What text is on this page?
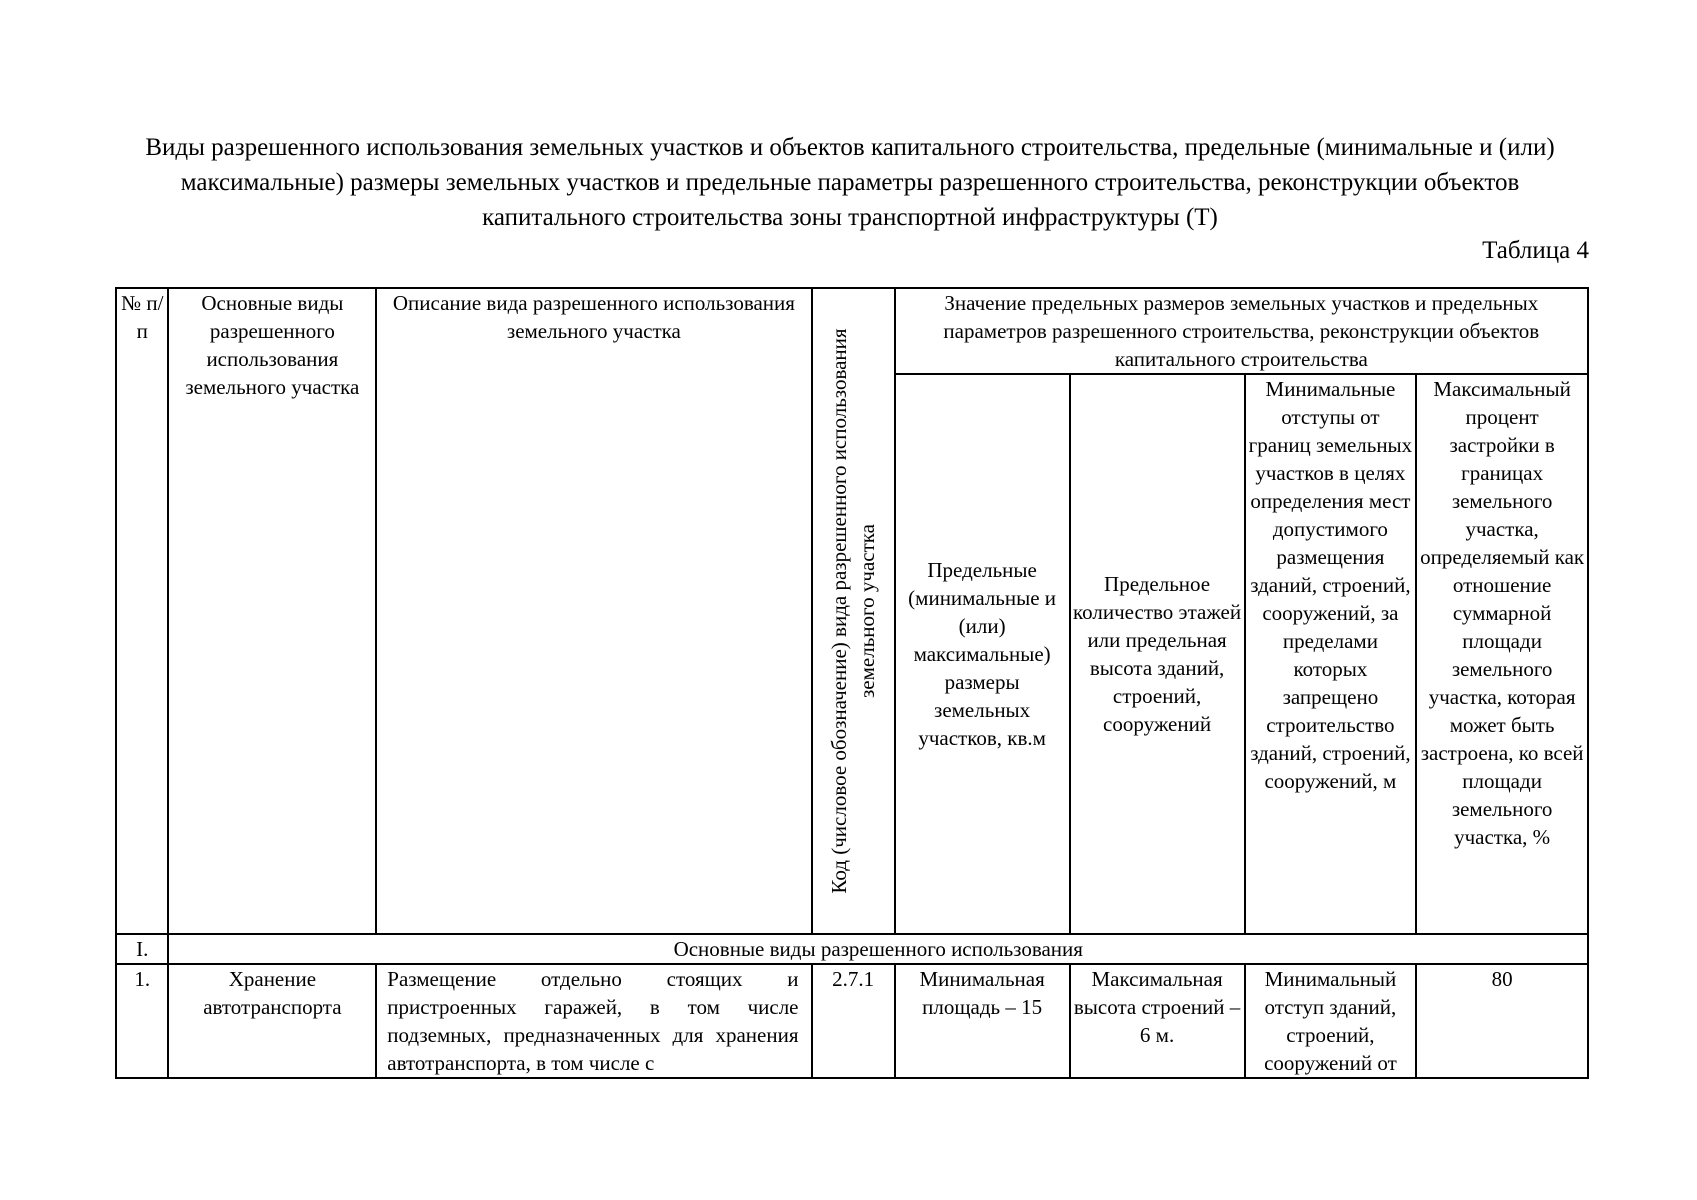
Виды разрешенного использования земельных участков и объектов капитального строительства, предельные (минимальные и (или) максимальные) размеры земельных участков и предельные параметры разрешенного строительства, реконструкции объектов капитального строительства зоны транспортной инфраструктуры (Т)
Таблица 4
№ п/п	Основные виды разрешенного использования земельного участка	Описание вида разрешенного использования земельного участка	Код (числовое обозначение) вида разрешенного использования земельного участка	Значение предельных размеров земельных участков и предельных параметров разрешенного строительства, реконструкции объектов капитального строительства			
				Предельные (минимальные и (или) максимальные) размеры земельных участков, кв.м	Предельное количество этажей или предельная высота зданий, строений, сооружений	Минимальные отступы от границ земельных участков в целях определения мест допустимого размещения зданий, строений, сооружений, за пределами которых запрещено строительство зданий, строений, сооружений, м	Максимальный процент застройки в границах земельного участка, определяемый как отношение суммарной площади земельного участка, которая может быть застроена, ко всей площади земельного участка, %
I.	Основные виды разрешенного использования						
1.	Хранение автотранспорта	Размещение отдельно стоящих и пристроенных гаражей, в том числе подземных, предназначенных для хранения автотранспорта, в том числе с	2.7.1	Минимальная площадь – 15	Максимальная высота строений – 6 м.	Минимальный отступ зданий, строений, сооружений от	80
